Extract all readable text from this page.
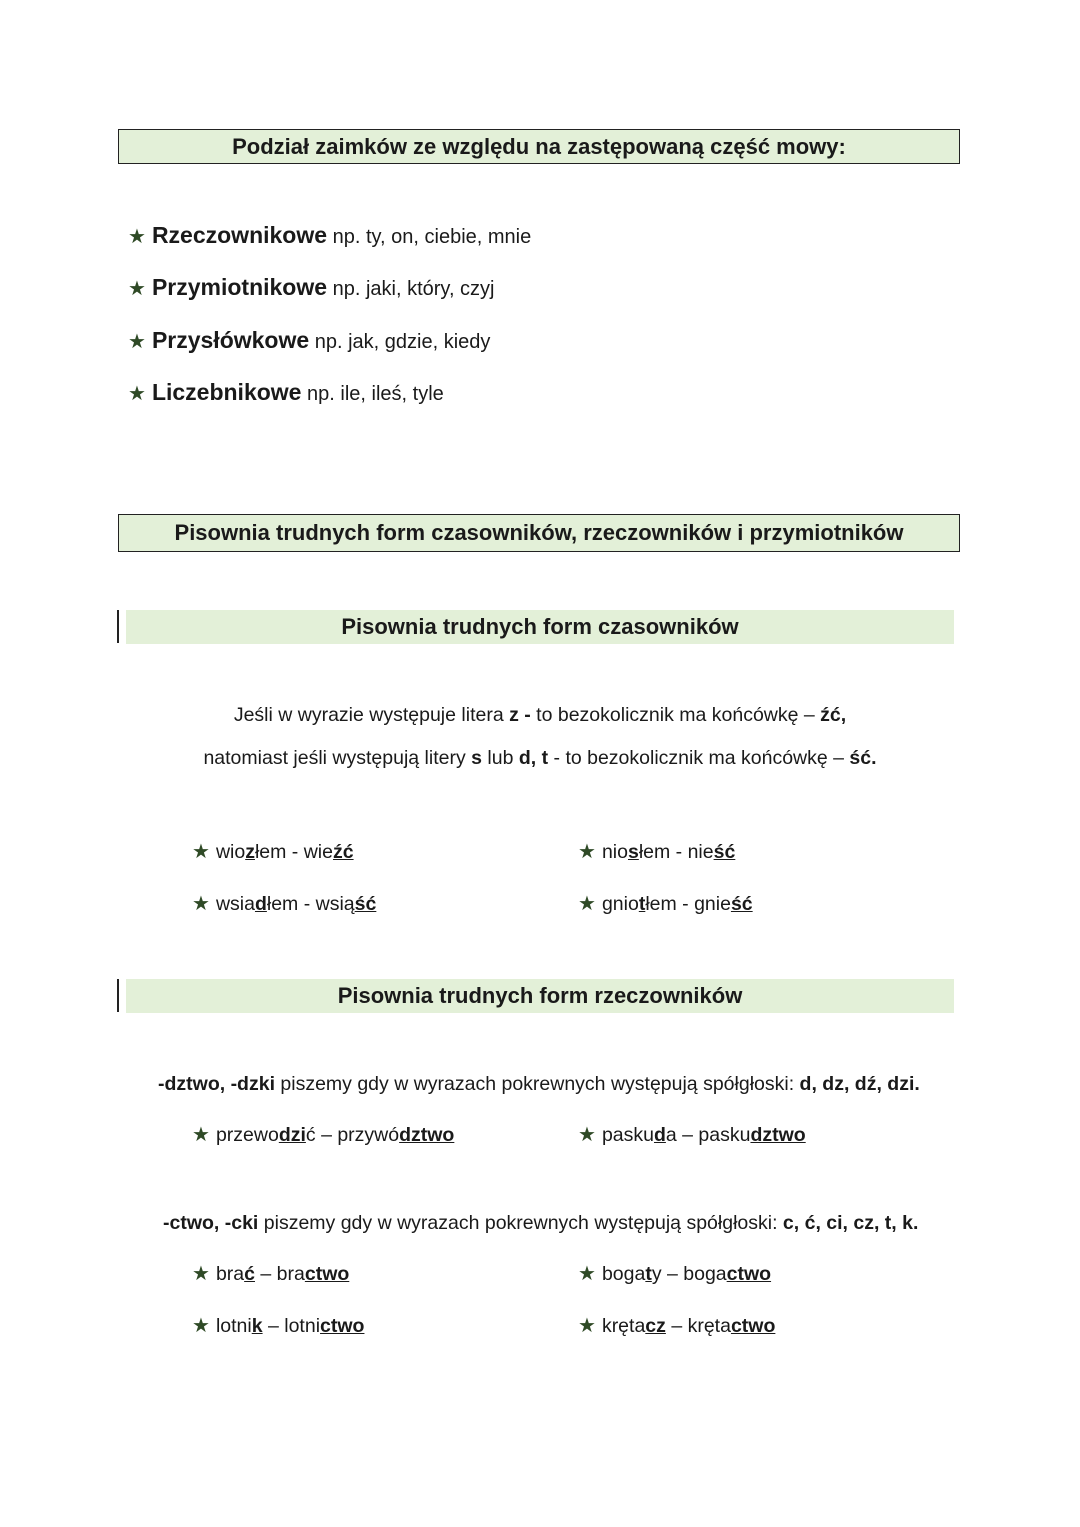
Podział zaimków ze względu na zastępowaną część mowy:
★ Rzeczownikowe np. ty, on, ciebie, mnie
★ Przymiotnikowe np. jaki, który, czyj
★ Przysłówkowe np. jak, gdzie, kiedy
★ Liczebnikowe np. ile, ileś, tyle
Pisownia trudnych form czasowników, rzeczowników i przymiotników
Pisownia trudnych form czasowników
Jeśli w wyrazie występuje litera z - to bezokolicznik ma końcówkę – źć,
natomiast jeśli występują litery s lub d, t - to bezokolicznik ma końcówkę – ść.
★ wiozłem - wieźć	★ niosłem - nieść
★ wsiadłem - wsiąść	★ gniotłem - gnieść
Pisownia trudnych form rzeczowników
-dztwo, -dzki piszemy gdy w wyrazach pokrewnych występują spółgłoski: d, dz, dź, dzi.
★ przewodzić – przywództwo	★ paskuda – paskudztwo
-ctwo, -cki piszemy gdy w wyrazach pokrewnych występują spółgłoski: c, ć, ci, cz, t, k.
★ brać – bractwo	★ bogaty – bogactwo
★ lotnik – lotnictwo	★ krętacz – krętactwo
